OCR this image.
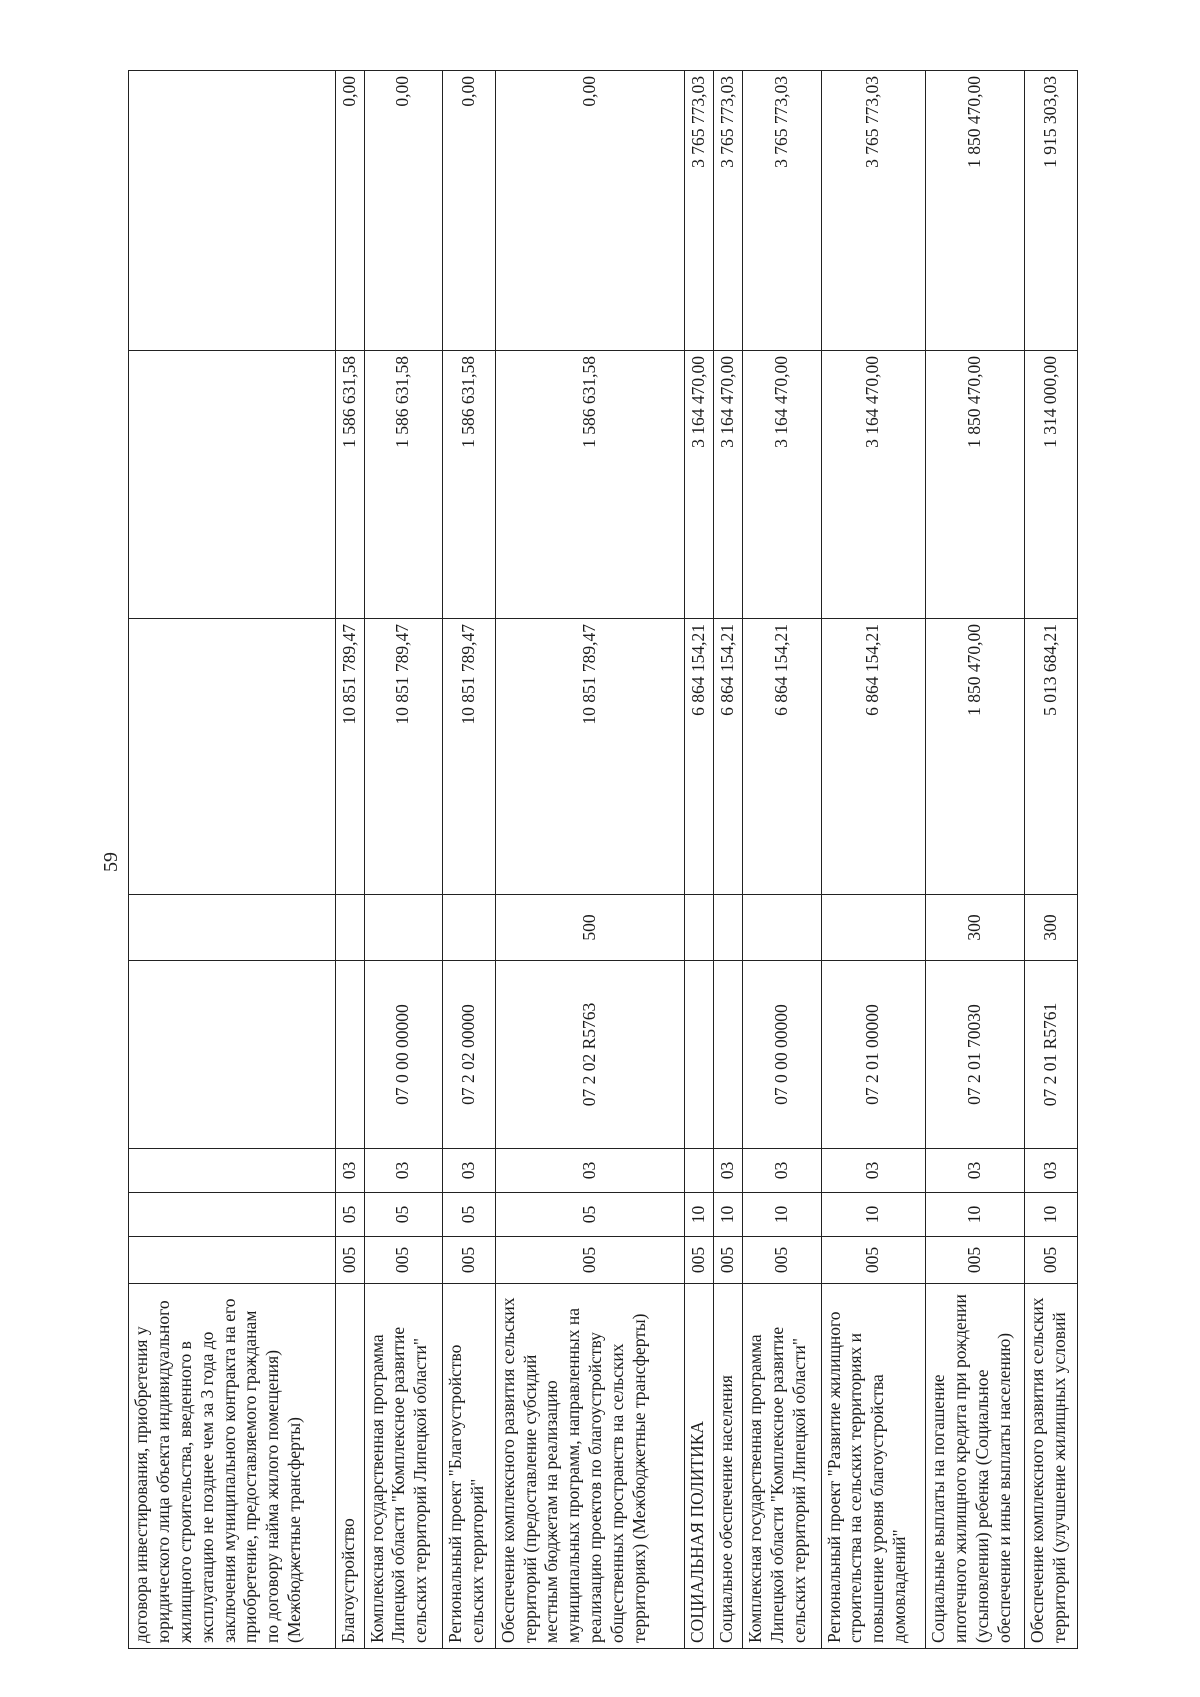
59
договора инвестирования, приобретения у юридического лица объекта индивидуального жилищного строительства, введенного в эксплуатацию не позднее чем за 3 года до заключения муниципального контракта на его приобретение, предоставляемого гражданам по договору найма жилого помещения) (Межбюджетные трансферты)								
Благоустройство	005	05	03			10 851 789,47	1 586 631,58	0,00
Комплексная государственная программа Липецкой области "Комплексное развитие сельских территорий Липецкой области"	005	05	03	07 0 00 00000		10 851 789,47	1 586 631,58	0,00
Региональный проект "Благоустройство сельских территорий"	005	05	03	07 2 02 00000		10 851 789,47	1 586 631,58	0,00
Обеспечение комплексного развития сельских территорий (предоставление субсидий местным бюджетам на реализацию муниципальных программ, направленных на реализацию проектов по благоустройству общественных пространств на сельских территориях) (Межбюджетные трансферты)	005	05	03	07 2 02 R5763	500	10 851 789,47	1 586 631,58	0,00
СОЦИАЛЬНАЯ ПОЛИТИКА	005	10				6 864 154,21	3 164 470,00	3 765 773,03
Социальное обеспечение населения	005	10	03			6 864 154,21	3 164 470,00	3 765 773,03
Комплексная государственная программа Липецкой области "Комплексное развитие сельских территорий Липецкой области"	005	10	03	07 0 00 00000		6 864 154,21	3 164 470,00	3 765 773,03
Региональный проект "Развитие жилищного строительства на сельских территориях и повышение уровня благоустройства домовладений"	005	10	03	07 2 01 00000		6 864 154,21	3 164 470,00	3 765 773,03
Социальные выплаты на погашение ипотечного жилищного кредита при рождении (усыновлении) ребенка (Социальное обеспечение и иные выплаты населению)	005	10	03	07 2 01 70030	300	1 850 470,00	1 850 470,00	1 850 470,00
Обеспечение комплексного развития сельских территорий (улучшение жилищных условий	005	10	03	07 2 01 R5761	300	5 013 684,21	1 314 000,00	1 915 303,03
